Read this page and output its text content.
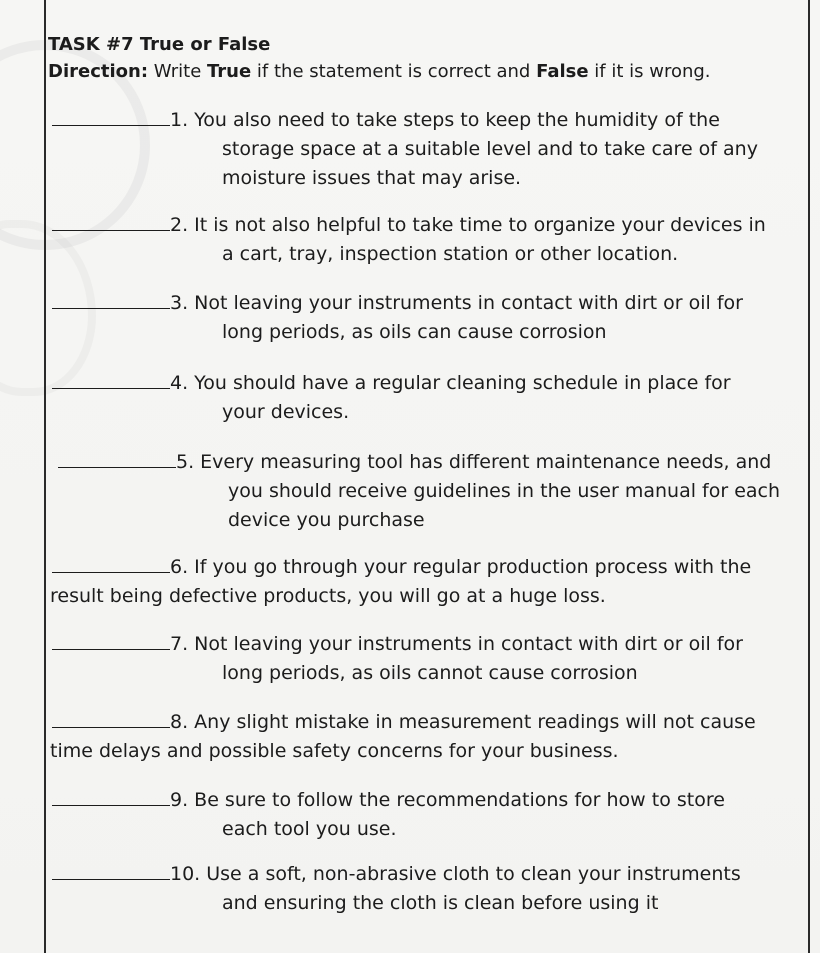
TASK #7 True or False
Direction: Write True if the statement is correct and False if it is wrong.
1. You also need to take steps to keep the humidity of the
storage space at a suitable level and to take care of any
moisture issues that may arise.
2. It is not also helpful to take time to organize your devices in
a cart, tray, inspection station or other location.
3. Not leaving your instruments in contact with dirt or oil for
long periods, as oils can cause corrosion
4. You should have a regular cleaning schedule in place for
your devices.
5. Every measuring tool has different maintenance needs, and
you should receive guidelines in the user manual for each
device you purchase
6. If you go through your regular production process with the
result being defective products, you will go at a huge loss.
7. Not leaving your instruments in contact with dirt or oil for
long periods, as oils cannot cause corrosion
8. Any slight mistake in measurement readings will not cause
time delays and possible safety concerns for your business.
9. Be sure to follow the recommendations for how to store
each tool you use.
10. Use a soft, non-abrasive cloth to clean your instruments
and ensuring the cloth is clean before using it
